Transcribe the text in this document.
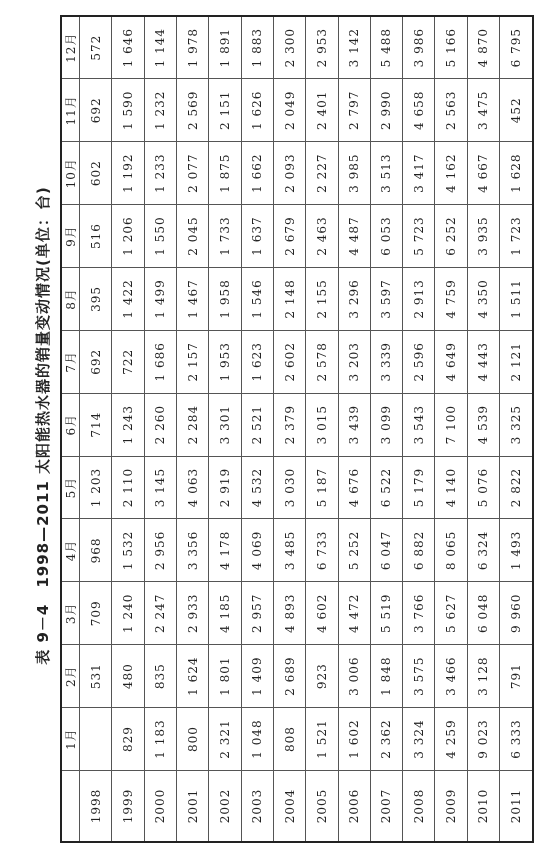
表 9－4　1998—2011 太阳能热水器的销量变动情况(单位：台)
	1月	2月	3月	4月	5月	6月	7月	8月	9月	10月	11月	12月
1998		531	709	968	1 203	714	692	395	516	602	692	572
1999	829	480	1 240	1 532	2 110	1 243	722	1 422	1 206	1 192	1 590	1 646
2000	1 183	835	2 247	2 956	3 145	2 260	1 686	1 499	1 550	1 233	1 232	1 144
2001	800	1 624	2 933	3 356	4 063	2 284	2 157	1 467	2 045	2 077	2 569	1 978
2002	2 321	1 801	4 185	4 178	2 919	3 301	1 953	1 958	1 733	1 875	2 151	1 891
2003	1 048	1 409	2 957	4 069	4 532	2 521	1 623	1 546	1 637	1 662	1 626	1 883
2004	808	2 689	4 893	3 485	3 030	2 379	2 602	2 148	2 679	2 093	2 049	2 300
2005	1 521	923	4 602	6 733	5 187	3 015	2 578	2 155	2 463	2 227	2 401	2 953
2006	1 602	3 006	4 472	5 252	4 676	3 439	3 203	3 296	4 487	3 985	2 797	3 142
2007	2 362	1 848	5 519	6 047	6 522	3 099	3 339	3 597	6 053	3 513	2 990	5 488
2008	3 324	3 575	3 766	6 882	5 179	3 543	2 596	2 913	5 723	3 417	4 658	3 986
2009	4 259	3 466	5 627	8 065	4 140	7 100	4 649	4 759	6 252	4 162	2 563	5 166
2010	9 023	3 128	6 048	6 324	5 076	4 539	4 443	4 350	3 935	4 667	3 475	4 870
2011	6 333	791	9 960	1 493	2 822	3 325	2 121	1 511	1 723	1 628	452	6 795
